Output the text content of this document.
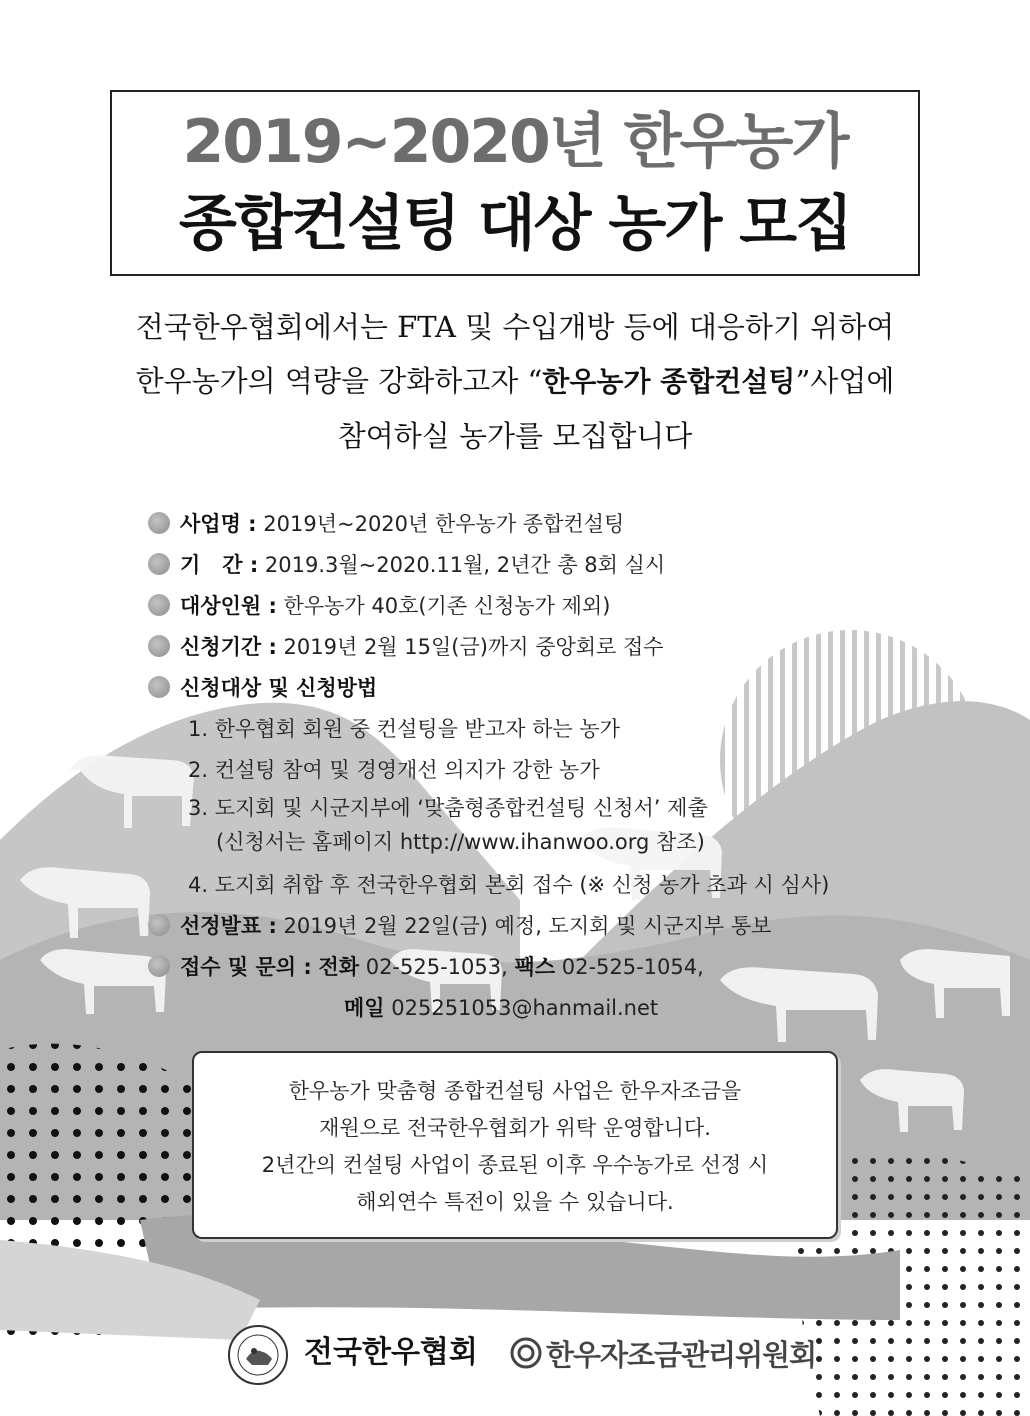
2019~2020년 한우농가
종합컨설팅 대상 농가 모집
전국한우협회에서는 FTA 및 수입개방 등에 대응하기 위하여
한우농가의 역량을 강화하고자 “한우농가 종합컨설팅”사업에
참여하실 농가를 모집합니다
사업명 : 2019년~2020년 한우농가 종합컨설팅
기   간 : 2019.3월~2020.11월, 2년간 총 8회 실시
대상인원 : 한우농가 40호(기존 신청농가 제외)
신청기간 : 2019년 2월 15일(금)까지 중앙회로 접수
신청대상 및 신청방법
1. 한우협회 회원 중 컨설팅을 받고자 하는 농가
2. 컨설팅 참여 및 경영개선 의지가 강한 농가
3. 도지회 및 시군지부에 ‘맞춤형종합컨설팅 신청서’ 제출
(신청서는 홈페이지 http://www.ihanwoo.org 참조)
4. 도지회 취합 후 전국한우협회 본회 접수 (※ 신청 농가 초과 시 심사)
선정발표 : 2019년 2월 22일(금) 예정, 도지회 및 시군지부 통보
접수 및 문의 : 전화 02-525-1053, 팩스 02-525-1054,
메일 025251053@hanmail.net
한우농가 맞춤형 종합컨설팅 사업은 한우자조금을
재원으로 전국한우협회가 위탁 운영합니다.
2년간의 컨설팅 사업이 종료된 이후 우수농가로 선정 시
해외연수 특전이 있을 수 있습니다.
전국한우협회 한우자조금관리위원회
